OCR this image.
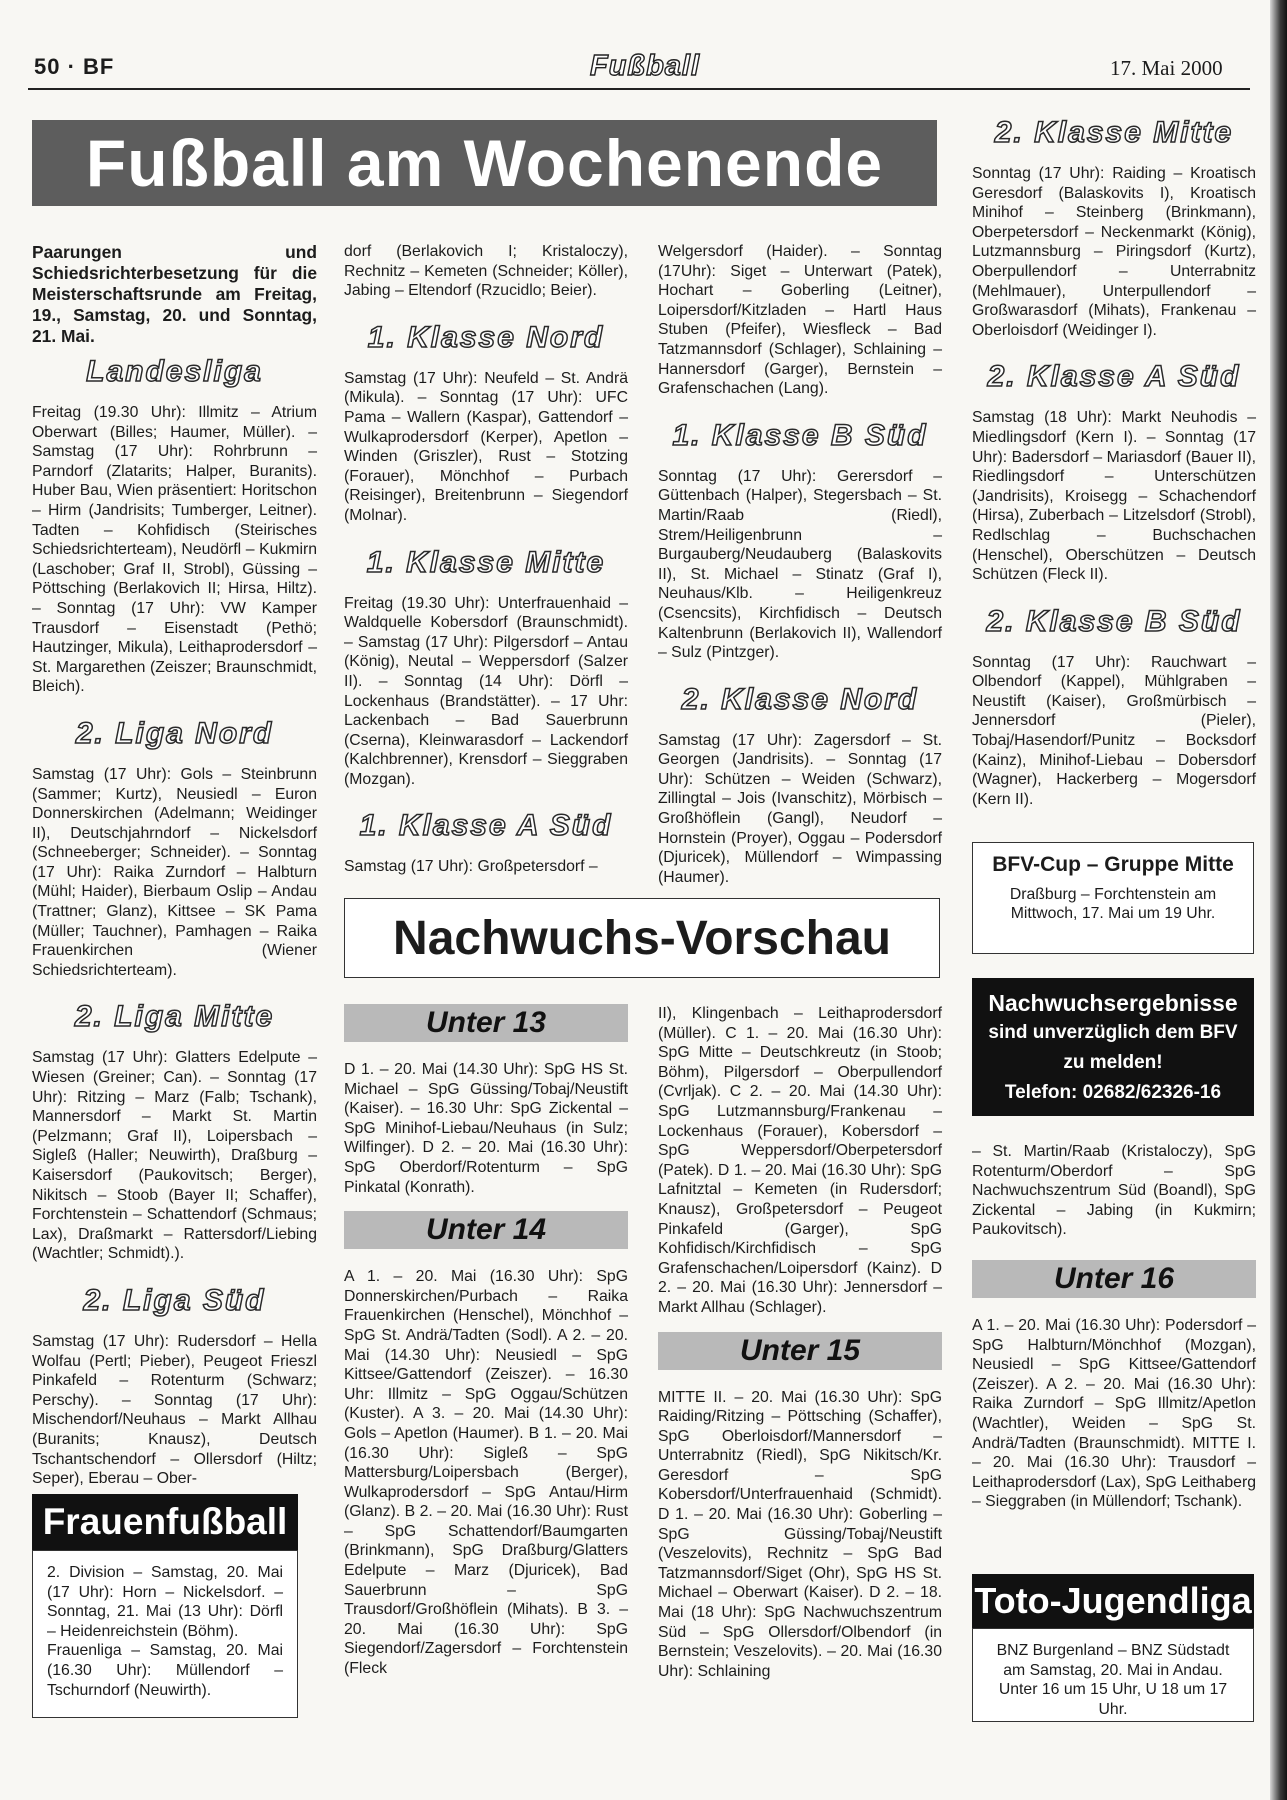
50 · BF	Fußball	17. Mai 2000
Fußball am Wochenende

Paarungen und Schiedsrichterbesetzung für die Meisterschaftsrunde am Freitag, 19., Samstag, 20. und Sonntag, 21. Mai.

Landesliga

Freitag (19.30 Uhr): Illmitz – Atrium Oberwart (Billes; Haumer, Müller). – Samstag (17 Uhr): Rohrbrunn – Parndorf (Zlatarits; Halper, Buranits). Huber Bau, Wien präsentiert: Horitschon – Hirm (Jandrisits; Tumberger, Leitner). Tadten – Kohfidisch (Steirisches Schiedsrichterteam), Neudörfl – Kukmirn (Laschober; Graf II, Strobl), Güssing – Pöttsching (Berlakovich II; Hirsa, Hiltz). – Sonntag (17 Uhr): VW Kamper Trausdorf – Eisenstadt (Pethö; Hautzinger, Mikula), Leithaprodersdorf – St. Margarethen (Zeiszer; Braunschmidt, Bleich).

2. Liga Nord

Samstag (17 Uhr): Gols – Steinbrunn (Sammer; Kurtz), Neusiedl – Euron Donnerskirchen (Adelmann; Weidinger II), Deutschjahrndorf – Nickelsdorf (Schneeberger; Schneider). – Sonntag (17 Uhr): Raika Zurndorf – Halbturn (Mühl; Haider), Bierbaum Oslip – Andau (Trattner; Glanz), Kittsee – SK Pama (Müller; Tauchner), Pamhagen – Raika Frauenkirchen (Wiener Schiedsrichterteam).

2. Liga Mitte

Samstag (17 Uhr): Glatters Edelpute – Wiesen (Greiner; Can). – Sonntag (17 Uhr): Ritzing – Marz (Falb; Tschank), Mannersdorf – Markt St. Martin (Pelzmann; Graf II), Loipersbach – Sigleß (Haller; Neuwirth), Draßburg – Kaisersdorf (Paukovitsch; Berger), Nikitsch – Stoob (Bayer II; Schaffer), Forchtenstein – Schattendorf (Schmaus; Lax), Draßmarkt – Rattersdorf/Liebing (Wachtler; Schmidt).).

2. Liga Süd

Samstag (17 Uhr): Rudersdorf – Hella Wolfau (Pertl; Pieber), Peugeot Frieszl Pinkafeld – Rotenturm (Schwarz; Perschy). – Sonntag (17 Uhr): Mischendorf/Neuhaus – Markt Allhau (Buranits; Knausz), Deutsch Tschantschendorf – Ollersdorf (Hiltz; Seper), Eberau – Ober-

Frauenfußball

2. Division – Samstag, 20. Mai (17 Uhr): Horn – Nickelsdorf. – Sonntag, 21. Mai (13 Uhr): Dörfl – Heidenreichstein (Böhm).

Frauenliga – Samstag, 20. Mai (16.30 Uhr): Müllendorf – Tschurndorf (Neuwirth).

dorf (Berlakovich I; Kristaloczy), Rechnitz – Kemeten (Schneider; Köller), Jabing – Eltendorf (Rzucidlo; Beier).

1. Klasse Nord

Samstag (17 Uhr): Neufeld – St. Andrä (Mikula). – Sonntag (17 Uhr): UFC Pama – Wallern (Kaspar), Gattendorf – Wulkaprodersdorf (Kerper), Apetlon – Winden (Griszler), Rust – Stotzing (Forauer), Mönchhof – Purbach (Reisinger), Breitenbrunn – Siegendorf (Molnar).

1. Klasse Mitte

Freitag (19.30 Uhr): Unterfrauenhaid – Waldquelle Kobersdorf (Braunschmidt). – Samstag (17 Uhr): Pilgersdorf – Antau (König), Neutal – Weppersdorf (Salzer II). – Sonntag (14 Uhr): Dörfl – Lockenhaus (Brandstätter). – 17 Uhr: Lackenbach – Bad Sauerbrunn (Cserna), Kleinwarasdorf – Lackendorf (Kalchbrenner), Krensdorf – Sieggraben (Mozgan).

1. Klasse A Süd

Samstag (17 Uhr): Großpetersdorf –

Welgersdorf (Haider). – Sonntag (17Uhr): Siget – Unterwart (Patek), Hochart – Goberling (Leitner), Loipersdorf/Kitzladen – Hartl Haus Stuben (Pfeifer), Wiesfleck – Bad Tatzmannsdorf (Schlager), Schlaining – Hannersdorf (Garger), Bernstein – Grafenschachen (Lang).

1. Klasse B Süd

Sonntag (17 Uhr): Gerersdorf – Güttenbach (Halper), Stegersbach – St. Martin/Raab (Riedl), Strem/Heiligenbrunn – Burgauberg/Neudauberg (Balaskovits II), St. Michael – Stinatz (Graf I), Neuhaus/Klb. – Heiligenkreuz (Csencsits), Kirchfidisch – Deutsch Kaltenbrunn (Berlakovich II), Wallendorf – Sulz (Pintzger).

2. Klasse Nord

Samstag (17 Uhr): Zagersdorf – St. Georgen (Jandrisits). – Sonntag (17 Uhr): Schützen – Weiden (Schwarz), Zillingtal – Jois (Ivanschitz), Mörbisch – Großhöflein (Gangl), Neudorf – Hornstein (Proyer), Oggau – Podersdorf (Djuricek), Müllendorf – Wimpassing (Haumer).

Nachwuchs-Vorschau
Unter 13

D 1. – 20. Mai (14.30 Uhr): SpG HS St. Michael – SpG Güssing/Tobaj/Neustift (Kaiser). – 16.30 Uhr: SpG Zickental – SpG Minihof-Liebau/Neuhaus (in Sulz; Wilfinger). D 2. – 20. Mai (16.30 Uhr): SpG Oberdorf/Rotenturm – SpG Pinkatal (Konrath).

Unter 14

A 1. – 20. Mai (16.30 Uhr): SpG Donnerskirchen/Purbach – Raika Frauenkirchen (Henschel), Mönchhof – SpG St. Andrä/Tadten (Sodl). A 2. – 20. Mai (14.30 Uhr): Neusiedl – SpG Kittsee/Gattendorf (Zeiszer). – 16.30 Uhr: Illmitz – SpG Oggau/Schützen (Kuster). A 3. – 20. Mai (14.30 Uhr): Gols – Apetlon (Haumer). B 1. – 20. Mai (16.30 Uhr): Sigleß – SpG Mattersburg/Loipersbach (Berger), Wulkaprodersdorf – SpG Antau/Hirm (Glanz). B 2. – 20. Mai (16.30 Uhr): Rust – SpG Schattendorf/Baumgarten (Brinkmann), SpG Draßburg/Glatters Edelpute – Marz (Djuricek), Bad Sauerbrunn – SpG Trausdorf/Großhöflein (Mihats). B 3. – 20. Mai (16.30 Uhr): SpG Siegendorf/Zagersdorf – Forchtenstein (Fleck

II), Klingenbach – Leithaprodersdorf (Müller). C 1. – 20. Mai (16.30 Uhr): SpG Mitte – Deutschkreutz (in Stoob; Böhm), Pilgersdorf – Oberpullendorf (Cvrljak). C 2. – 20. Mai (14.30 Uhr): SpG Lutzmannsburg/Frankenau – Lockenhaus (Forauer), Kobersdorf – SpG Weppersdorf/Oberpetersdorf (Patek). D 1. – 20. Mai (16.30 Uhr): SpG Lafnitztal – Kemeten (in Rudersdorf; Knausz), Großpetersdorf – Peugeot Pinkafeld (Garger), SpG Kohfidisch/Kirchfidisch – SpG Grafenschachen/Loipersdorf (Kainz). D 2. – 20. Mai (16.30 Uhr): Jennersdorf – Markt Allhau (Schlager).

Unter 15

MITTE II. – 20. Mai (16.30 Uhr): SpG Raiding/Ritzing – Pöttsching (Schaffer), SpG Oberloisdorf/Mannersdorf – Unterrabnitz (Riedl), SpG Nikitsch/Kr. Geresdorf – SpG Kobersdorf/Unterfrauenhaid (Schmidt). D 1. – 20. Mai (16.30 Uhr): Goberling – SpG Güssing/Tobaj/Neustift (Veszelovits), Rechnitz – SpG Bad Tatzmannsdorf/Siget (Ohr), SpG HS St. Michael – Oberwart (Kaiser). D 2. – 18. Mai (18 Uhr): SpG Nachwuchszentrum Süd – SpG Ollersdorf/Olbendorf (in Bernstein; Veszelovits). – 20. Mai (16.30 Uhr): Schlaining

2. Klasse Mitte

Sonntag (17 Uhr): Raiding – Kroatisch Geresdorf (Balaskovits I), Kroatisch Minihof – Steinberg (Brinkmann), Oberpetersdorf – Neckenmarkt (König), Lutzmannsburg – Piringsdorf (Kurtz), Oberpullendorf – Unterrabnitz (Mehlmauer), Unterpullendorf – Großwarasdorf (Mihats), Frankenau – Oberloisdorf (Weidinger I).

2. Klasse A Süd

Samstag (18 Uhr): Markt Neuhodis – Miedlingsdorf (Kern I). – Sonntag (17 Uhr): Badersdorf – Mariasdorf (Bauer II), Riedlingsdorf – Unterschützen (Jandrisits), Kroisegg – Schachendorf (Hirsa), Zuberbach – Litzelsdorf (Strobl), Redlschlag – Buchschachen (Henschel), Oberschützen – Deutsch Schützen (Fleck II).

2. Klasse B Süd

Sonntag (17 Uhr): Rauchwart – Olbendorf (Kappel), Mühlgraben – Neustift (Kaiser), Großmürbisch – Jennersdorf (Pieler), Tobaj/Hasendorf/Punitz – Bocksdorf (Kainz), Minihof-Liebau – Dobersdorf (Wagner), Hackerberg – Mogersdorf (Kern II).

BFV-Cup – Gruppe Mitte
Draßburg – Forchtenstein am Mittwoch, 17. Mai um 19 Uhr.
Nachwuchsergebnisse
sind unverzüglich dem BFV
zu melden!
Telefon: 02682/62326-16

– St. Martin/Raab (Kristaloczy), SpG Rotenturm/Oberdorf – SpG Nachwuchszentrum Süd (Boandl), SpG Zickental – Jabing (in Kukmirn; Paukovitsch).

Unter 16

A 1. – 20. Mai (16.30 Uhr): Podersdorf – SpG Halbturn/Mönchhof (Mozgan), Neusiedl – SpG Kittsee/Gattendorf (Zeiszer). A 2. – 20. Mai (16.30 Uhr): Raika Zurndorf – SpG Illmitz/Apetlon (Wachtler), Weiden – SpG St. Andrä/Tadten (Braunschmidt). MITTE I. – 20. Mai (16.30 Uhr): Trausdorf – Leithaprodersdorf (Lax), SpG Leithaberg – Sieggraben (in Müllendorf; Tschank).

Toto-Jugendliga
BNZ Burgenland – BNZ Südstadt am Samstag, 20. Mai in Andau. Unter 16 um 15 Uhr, U 18 um 17 Uhr.
